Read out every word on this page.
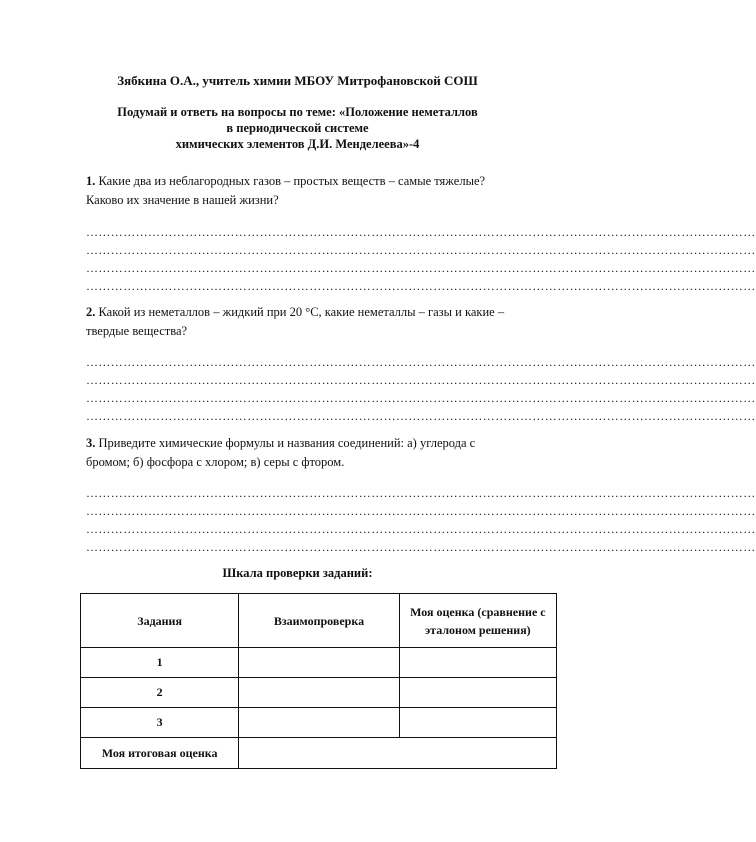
Зябкина О.А., учитель химии МБОУ Митрофановской СОШ
Подумай и ответь на вопросы по теме: «Положение неметаллов
в периодической системе
химических элементов Д.И. Менделеева»-4
1. Какие два из неблагородных газов – простых веществ – самые тяжелые?
Каково их значение в нашей жизни?
………………………………………………………………………………………………………………………………………………
………………………………………………………………………………………………………………………………………………
………………………………………………………………………………………………………………………………………………
………………………………………………………………………………………………………………………………………………
2. Какой из неметаллов – жидкий при 20 °С, какие неметаллы – газы и какие –
твердые вещества?
………………………………………………………………………………………………………………………………………………
………………………………………………………………………………………………………………………………………………
………………………………………………………………………………………………………………………………………………
………………………………………………………………………………………………………………………………………………
3. Приведите химические формулы и названия соединений: а) углерода с
бромом; б) фосфора с хлором; в) серы с фтором.
………………………………………………………………………………………………………………………………………………
………………………………………………………………………………………………………………………………………………
………………………………………………………………………………………………………………………………………………
………………………………………………………………………………………………………………………………………………
Шкала проверки заданий:
Задания	Взаимопроверка	Моя оценка (сравнение с эталоном решения)
1		
2		
3		
Моя итоговая оценка		
